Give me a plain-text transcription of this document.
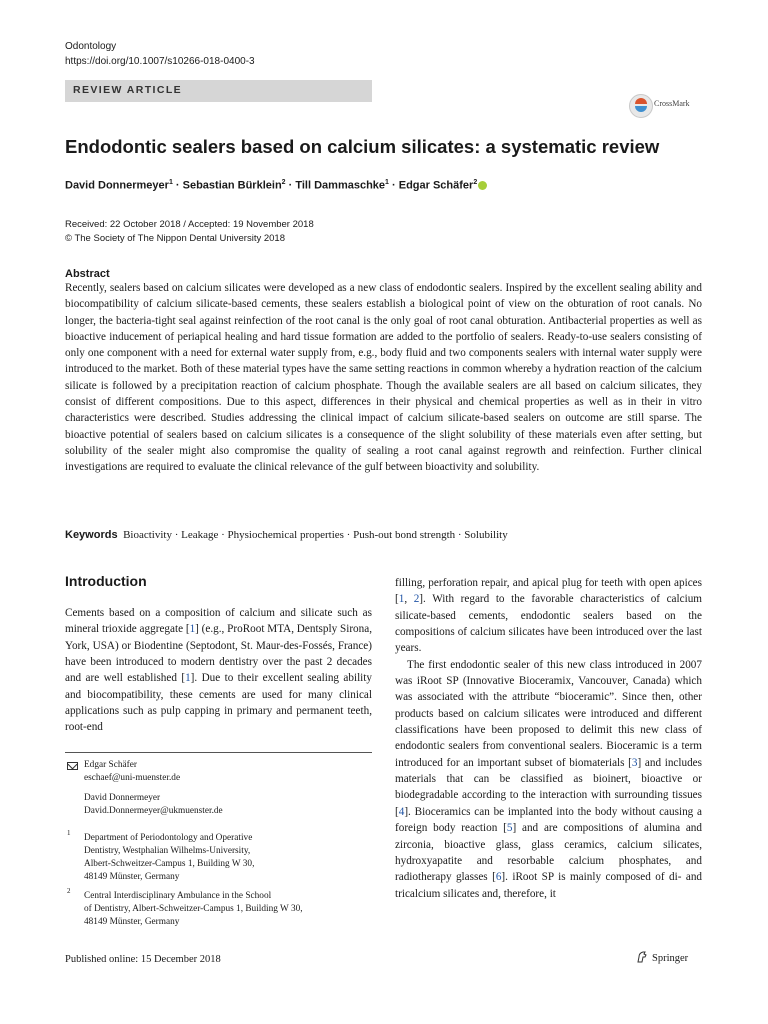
Odontology
https://doi.org/10.1007/s10266-018-0400-3
REVIEW ARTICLE
CrossMark
Endodontic sealers based on calcium silicates: a systematic review
David Donnermeyer$^1$ · Sebastian Bürklein$^2$ · Till Dammaschke$^1$ · Edgar Schäfer$^2$
Received: 22 October 2018 / Accepted: 19 November 2018
© The Society of The Nippon Dental University 2018
Abstract
Recently, sealers based on calcium silicates were developed as a new class of endodontic sealers. Inspired by the excellent sealing ability and biocompatibility of calcium silicate-based cements, these sealers establish a biological point of view on the obturation of root canals. No longer, the bacteria-tight seal against reinfection of the root canal is the only goal of root canal obturation. Antibacterial properties as well as bioactive inducement of periapical healing and hard tissue formation are added to the portfolio of sealers. Ready-to-use sealers consisting of only one component with a need for external water supply from, e.g., body fluid and two components sealers with internal water supply were introduced to the market. Both of these material types have the same setting reactions in common whereby a hydration reaction of the calcium silicate is followed by a precipitation reaction of calcium phosphate. Though the available sealers are all based on calcium silicates, they consist of different compositions. Due to this aspect, differences in their physical and chemical properties as well as in their in vitro characteristics were described. Studies addressing the clinical impact of calcium silicate-based sealers on outcome are still sparse. The bioactive potential of sealers based on calcium silicates is a consequence of the slight solubility of these materials even after setting, but solubility of the sealer might also compromise the quality of sealing a root canal against regrowth and reinfection. Further clinical investigations are required to evaluate the clinical relevance of the gulf between bioactivity and solubility.
Keywords Bioactivity · Leakage · Physiochemical properties · Push-out bond strength · Solubility
Introduction
Cements based on a composition of calcium and silicate such as mineral trioxide aggregate [1] (e.g., ProRoot MTA, Dentsply Sirona, York, USA) or Biodentine (Septodont, St. Maur-des-Fossés, France) have been introduced to modern dentistry over the past 2 decades and are well established [1]. Due to their excellent sealing ability and biocompatibility, these cements are used for many clinical applications such as pulp capping in primary and permanent teeth, root-end

filling, perforation repair, and apical plug for teeth with open apices [1, 2]. With regard to the favorable characteristics of calcium silicate-based cements, endodontic sealers based on the compositions of calcium silicates have been introduced over the last years.

The first endodontic sealer of this new class introduced in 2007 was iRoot SP (Innovative Bioceramix, Vancouver, Canada) which was associated with the attribute “bioceramic”. Since then, other products based on calcium silicates were introduced and different classifications have been proposed to delimit this new class of endodontic sealers from conventional sealers. Bioceramic is a term introduced for an important subset of biomaterials [3] and includes materials that can be classified as bioinert, bioactive or biodegradable according to the interaction with surrounding tissues [4]. Bioceramics can be implanted into the body without causing a foreign body reaction [5] and are compositions of alumina and zirconia, bioactive glass, glass ceramics, calcium silicates, hydroxyapatite and resorbable calcium phosphates, and radiotherapy glasses [6]. iRoot SP is mainly composed of di- and tricalcium silicates and, therefore, it

Edgar Schäfer
eschaef@uni-muenster.de
David Donnermeyer
David.Donnermeyer@ukmuenster.de
1 Department of Periodontology and Operative
Dentistry, Westphalian Wilhelms-University,
Albert-Schweitzer-Campus 1, Building W 30,
48149 Münster, Germany
2 Central Interdisciplinary Ambulance in the School
of Dentistry, Albert-Schweitzer-Campus 1, Building W 30,
48149 Münster, Germany
Published online: 15 December 2018	Springer
